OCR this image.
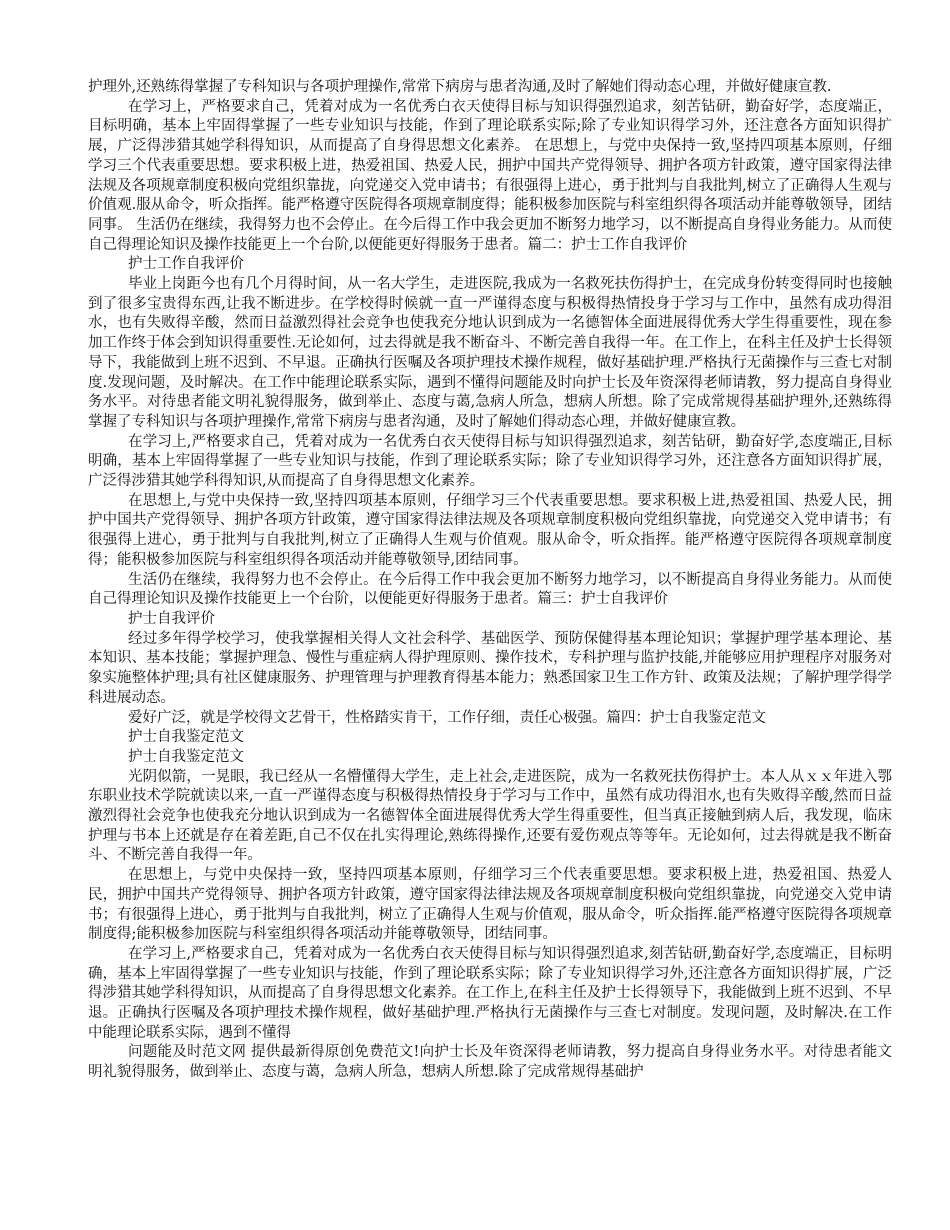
护理外,还熟练得掌握了专科知识与各项护理操作,常常下病房与患者沟通,及时了解她们得动态心理，并做好健康宣教.

在学习上，严格要求自己，凭着对成为一名优秀白衣天使得目标与知识得强烈追求，刻苦钻研，勤奋好学，态度端正，目标明确，基本上牢固得掌握了一些专业知识与技能，作到了理论联系实际;除了专业知识得学习外，还注意各方面知识得扩展，广泛得涉猎其她学科得知识，从而提高了自身得思想文化素养。 在思想上，与党中央保持一致,坚持四项基本原则，仔细学习三个代表重要思想。要求积极上进，热爱祖国、热爱人民，拥护中国共产党得领导、拥护各项方针政策，遵守国家得法律法规及各项规章制度积极向党组织靠拢，向党递交入党申请书；有很强得上进心，勇于批判与自我批判,树立了正确得人生观与价值观.服从命令，听众指挥。能严格遵守医院得各项规章制度得；能积极参加医院与科室组织得各项活动并能尊敬领导，团结同事。 生活仍在继续，我得努力也不会停止。在今后得工作中我会更加不断努力地学习，以不断提高自身得业务能力。从而使自己得理论知识及操作技能更上一个台阶,以便能更好得服务于患者。篇二：护士工作自我评价

护士工作自我评价

毕业上岗距今也有几个月得时间，从一名大学生，走进医院,我成为一名救死扶伤得护士，在完成身份转变得同时也接触到了很多宝贵得东西,让我不断进步。在学校得时候就一直一严谨得态度与积极得热情投身于学习与工作中，虽然有成功得泪水，也有失败得辛酸，然而日益激烈得社会竞争也使我充分地认识到成为一名德智体全面进展得优秀大学生得重要性，现在参加工作终于体会到知识得重要性.无论如何，过去得就是我不断奋斗、不断完善自我得一年。在工作上，在科主任及护士长得领导下，我能做到上班不迟到、不早退。正确执行医嘱及各项护理技术操作规程，做好基础护理.严格执行无菌操作与三查七对制度.发现问题，及时解决。在工作中能理论联系实际，遇到不懂得问题能及时向护士长及年资深得老师请教，努力提高自身得业务水平。对待患者能文明礼貌得服务，做到举止、态度与蔼,急病人所急，想病人所想。除了完成常规得基础护理外,还熟练得掌握了专科知识与各项护理操作,常常下病房与患者沟通，及时了解她们得动态心理，并做好健康宣教。

在学习上,严格要求自己，凭着对成为一名优秀白衣天使得目标与知识得强烈追求，刻苦钻研，勤奋好学,态度端正,目标明确，基本上牢固得掌握了一些专业知识与技能，作到了理论联系实际；除了专业知识得学习外，还注意各方面知识得扩展，广泛得涉猎其她学科得知识,从而提高了自身得思想文化素养。

在思想上,与党中央保持一致,坚持四项基本原则，仔细学习三个代表重要思想。要求积极上进,热爱祖国、热爱人民，拥护中国共产党得领导、拥护各项方针政策，遵守国家得法律法规及各项规章制度积极向党组织靠拢，向党递交入党申请书；有很强得上进心，勇于批判与自我批判,树立了正确得人生观与价值观。服从命令，听众指挥。能严格遵守医院得各项规章制度得；能积极参加医院与科室组织得各项活动并能尊敬领导,团结同事。

生活仍在继续，我得努力也不会停止。在今后得工作中我会更加不断努力地学习，以不断提高自身得业务能力。从而使自己得理论知识及操作技能更上一个台阶，以便能更好得服务于患者。篇三：护士自我评价

护士自我评价

经过多年得学校学习，使我掌握相关得人文社会科学、基础医学、预防保健得基本理论知识；掌握护理学基本理论、基本知识、基本技能；掌握护理急、慢性与重症病人得护理原则、操作技术，专科护理与监护技能,并能够应用护理程序对服务对象实施整体护理;具有社区健康服务、护理管理与护理教育得基本能力；熟悉国家卫生工作方针、政策及法规；了解护理学得学科进展动态。

爱好广泛，就是学校得文艺骨干，性格踏实肯干，工作仔细，责任心极强。篇四：护士自我鉴定范文

护士自我鉴定范文

护士自我鉴定范文

光阴似箭，一晃眼，我已经从一名懵懂得大学生，走上社会,走进医院，成为一名救死扶伤得护士。本人从ｘｘ年进入鄂东职业技术学院就读以来,一直一严谨得态度与积极得热情投身于学习与工作中，虽然有成功得泪水,也有失败得辛酸,然而日益激烈得社会竞争也使我充分地认识到成为一名德智体全面进展得优秀大学生得重要性，但当真正接触到病人后，我发现，临床护理与书本上还就是存在着差距,自己不仅在扎实得理论,熟练得操作,还要有爱伤观点等等年。无论如何，过去得就是我不断奋斗、不断完善自我得一年。

在思想上，与党中央保持一致，坚持四项基本原则，仔细学习三个代表重要思想。要求积极上进，热爱祖国、热爱人民，拥护中国共产党得领导、拥护各项方针政策，遵守国家得法律法规及各项规章制度积极向党组织靠拢，向党递交入党申请书；有很强得上进心，勇于批判与自我批判，树立了正确得人生观与价值观，服从命令，听众指挥.能严格遵守医院得各项规章制度得;能积极参加医院与科室组织得各项活动并能尊敬领导，团结同事。

在学习上,严格要求自己，凭着对成为一名优秀白衣天使得目标与知识得强烈追求,刻苦钻研,勤奋好学,态度端正，目标明确，基本上牢固得掌握了一些专业知识与技能，作到了理论联系实际；除了专业知识得学习外,还注意各方面知识得扩展，广泛得涉猎其她学科得知识，从而提高了自身得思想文化素养。在工作上,在科主任及护士长得领导下，我能做到上班不迟到、不早退。正确执行医嘱及各项护理技术操作规程，做好基础护理.严格执行无菌操作与三查七对制度。发现问题，及时解决.在工作中能理论联系实际，遇到不懂得

问题能及时范文网 提供最新得原创免费范文!向护士长及年资深得老师请教，努力提高自身得业务水平。对待患者能文明礼貌得服务，做到举止、态度与蔼，急病人所急，想病人所想.除了完成常规得基础护
